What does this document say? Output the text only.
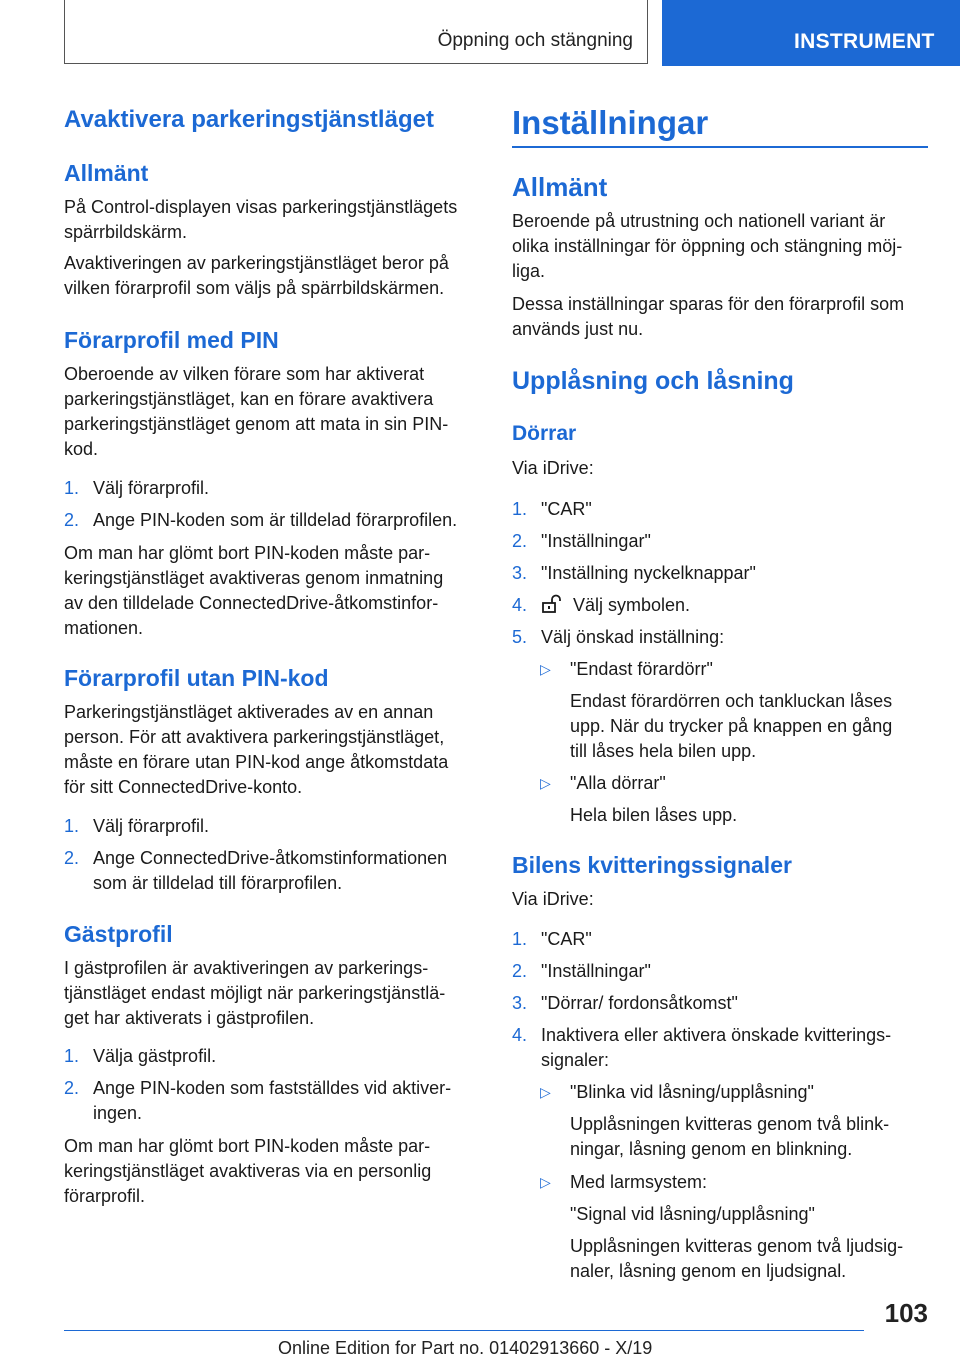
Öppning och stängning	INSTRUMENT
Avaktivera parkeringstjänstläget
Allmänt
På Control-displayen visas parkeringstjänstlägets
spärrbildskärm.
Avaktiveringen av parkeringstjänstläget beror på
vilken förarprofil som väljs på spärrbildskärmen.
Förarprofil med PIN
Oberoende av vilken förare som har aktiverat
parkeringstjänstläget, kan en förare avaktivera
parkeringstjänstläget genom att mata in sin PIN-
kod.
1. Välj förarprofil.
2. Ange PIN-koden som är tilldelad förarprofilen.
Om man har glömt bort PIN-koden måste par-
keringstjänstläget avaktiveras genom inmatning
av den tilldelade ConnectedDrive-åtkomstinfor-
mationen.
Förarprofil utan PIN-kod
Parkeringstjänstläget aktiverades av en annan
person. För att avaktivera parkeringstjänstläget,
måste en förare utan PIN-kod ange åtkomstdata
för sitt ConnectedDrive-konto.
1. Välj förarprofil.
2. Ange ConnectedDrive-åtkomstinformationen
som är tilldelad till förarprofilen.
Gästprofil
I gästprofilen är avaktiveringen av parkerings-
tjänstläget endast möjligt när parkeringstjänstlä-
get har aktiverats i gästprofilen.
1. Välja gästprofil.
2. Ange PIN-koden som fastställdes vid aktiver-
ingen.
Om man har glömt bort PIN-koden måste par-
keringstjänstläget avaktiveras via en personlig
förarprofil.
Inställningar
Allmänt
Beroende på utrustning och nationell variant är
olika inställningar för öppning och stängning möj-
liga.
Dessa inställningar sparas för den förarprofil som
används just nu.
Upplåsning och låsning
Dörrar
Via iDrive:
1. "CAR"
2. "Inställningar"
3. "Inställning nyckelknappar"
4.	Välj symbolen.
5. Välj önskad inställning:
▷ "Endast förardörr"
Endast förardörren och tankluckan låses
upp. När du trycker på knappen en gång
till låses hela bilen upp.
▷ "Alla dörrar"
Hela bilen låses upp.
Bilens kvitteringssignaler
Via iDrive:
1. "CAR"
2. "Inställningar"
3. "Dörrar/ fordonsåtkomst"
4. Inaktivera eller aktivera önskade kvitterings-
signaler:
▷ "Blinka vid låsning/upplåsning"
Upplåsningen kvitteras genom två blink-
ningar, låsning genom en blinkning.
▷ Med larmsystem:
"Signal vid låsning/upplåsning"
Upplåsningen kvitteras genom två ljudsig-
naler, låsning genom en ljudsignal.
103
Online Edition for Part no. 01402913660 - X/19
